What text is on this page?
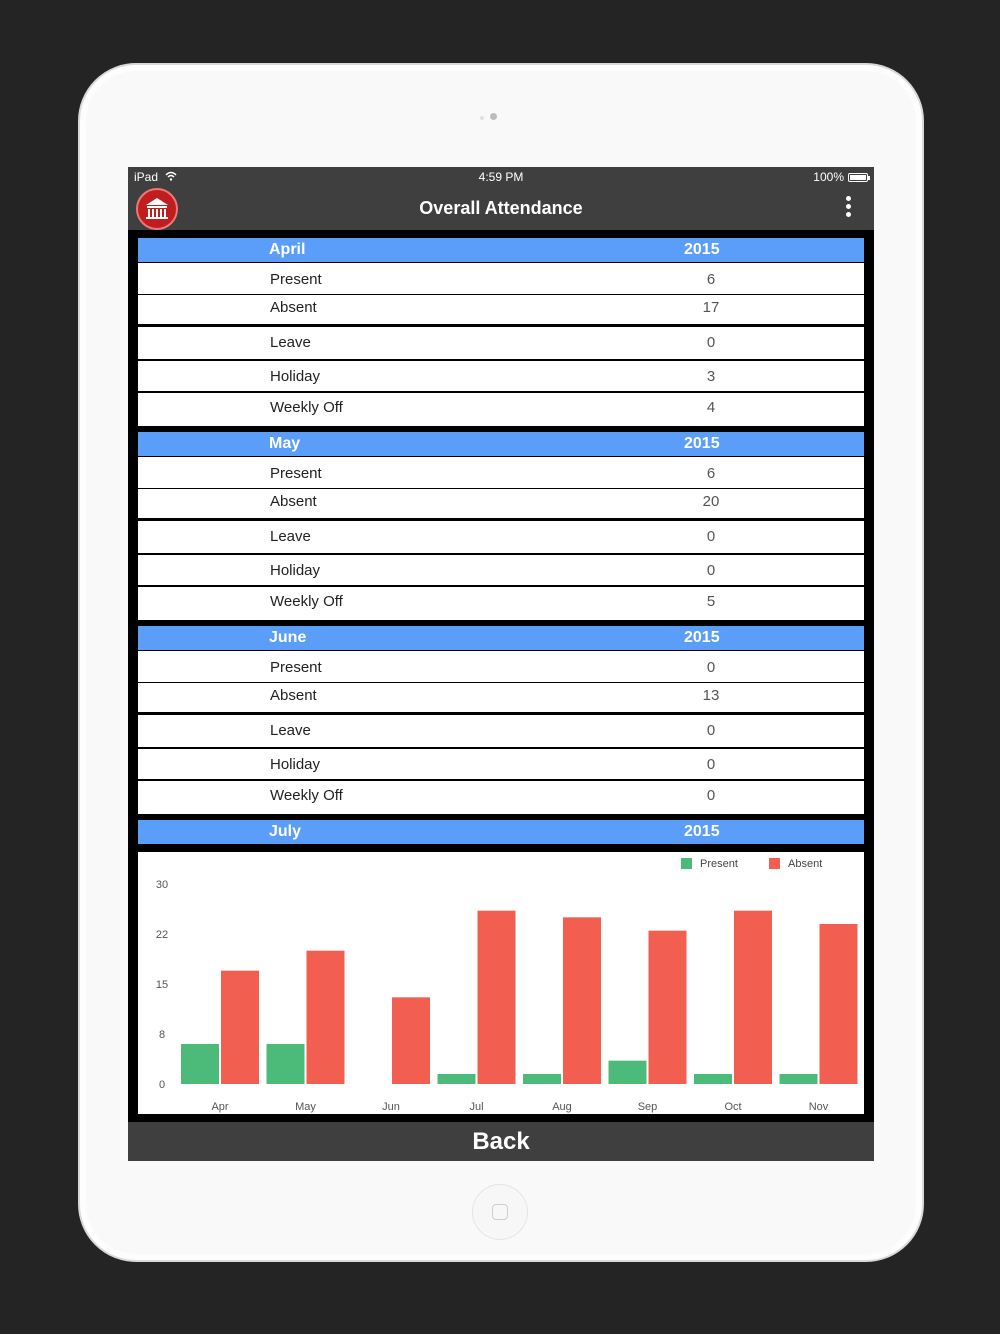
iPad	4:59 PM	100%
Overall Attendance
April	2015
Present	6
Absent	17
Leave	0
Holiday	3
Weekly Off	4
May	2015
Present	6
Absent	20
Leave	0
Holiday	0
Weekly Off	5
June	2015
Present	0
Absent	13
Leave	0
Holiday	0
Weekly Off	0
July	2015
Present	Absent
30
22
15
8
0
Apr	May	Jun	Jul	Aug	Sep	Oct	Nov
Back
